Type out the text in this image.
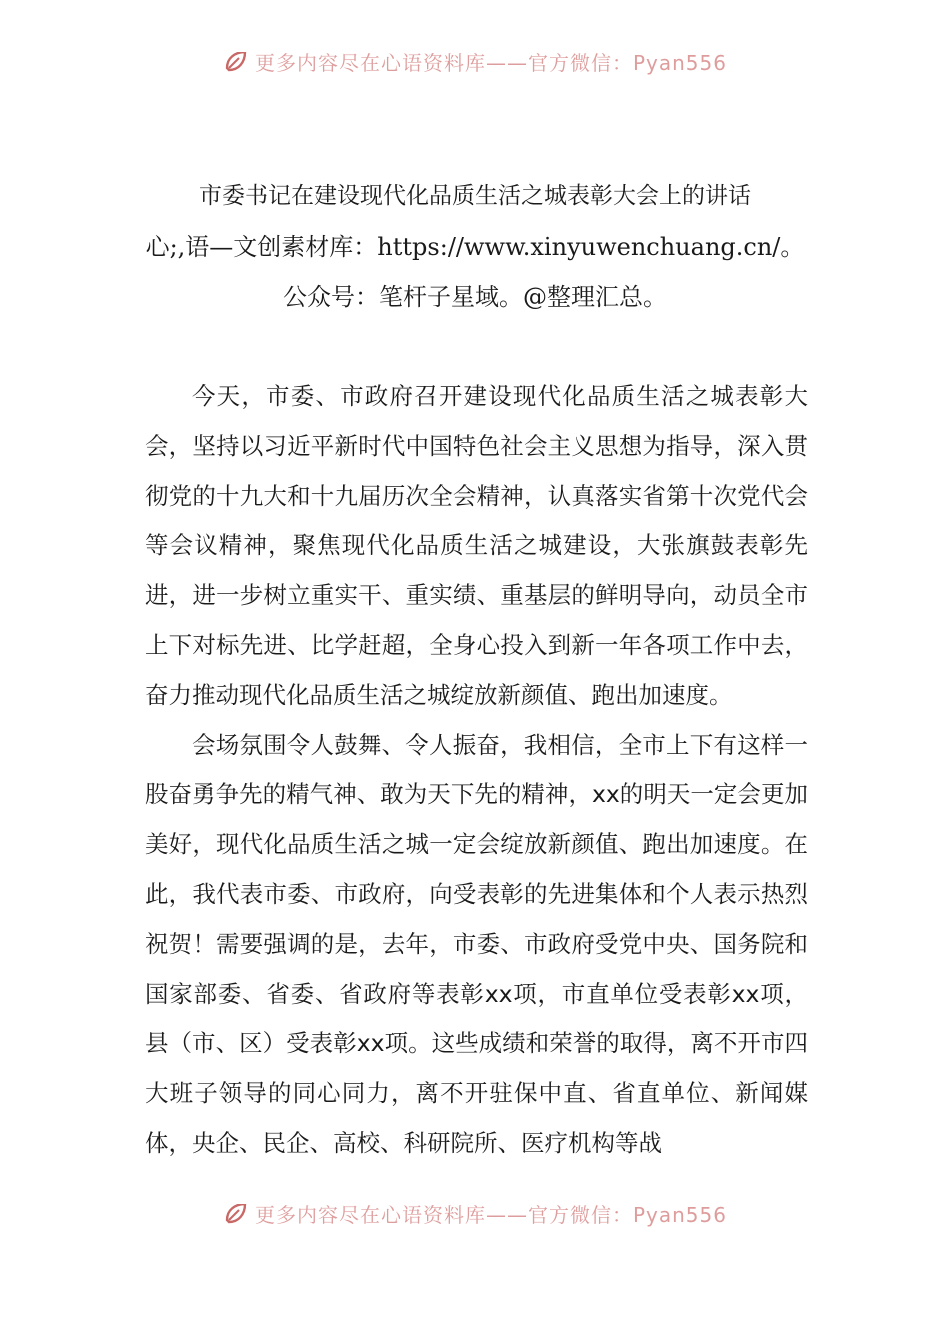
更多内容尽在心语资料库——官方微信：Pyan556
市委书记在建设现代化品质生活之城表彰大会上的讲话
心;,语—文创素材库：https://www.xinyuwenchuang.cn/。公众号：笔杆子星域。@整理汇总。

今天，市委、市政府召开建设现代化品质生活之城表彰大会，坚持以习近平新时代中国特色社会主义思想为指导，深入贯彻党的十九大和十九届历次全会精神，认真落实省第十次党代会等会议精神，聚焦现代化品质生活之城建设，大张旗鼓表彰先进，进一步树立重实干、重实绩、重基层的鲜明导向，动员全市上下对标先进、比学赶超，全身心投入到新一年各项工作中去，奋力推动现代化品质生活之城绽放新颜值、跑出加速度。

会场氛围令人鼓舞、令人振奋，我相信，全市上下有这样一股奋勇争先的精气神、敢为天下先的精神，xx的明天一定会更加美好，现代化品质生活之城一定会绽放新颜值、跑出加速度。在此，我代表市委、市政府，向受表彰的先进集体和个人表示热烈祝贺！需要强调的是，去年，市委、市政府受党中央、国务院和国家部委、省委、省政府等表彰xx项，市直单位受表彰xx项，县（市、区）受表彰xx项。这些成绩和荣誉的取得，离不开市四大班子领导的同心同力，离不开驻保中直、省直单位、新闻媒体，央企、民企、高校、科研院所、医疗机构等战

更多内容尽在心语资料库——官方微信：Pyan556
